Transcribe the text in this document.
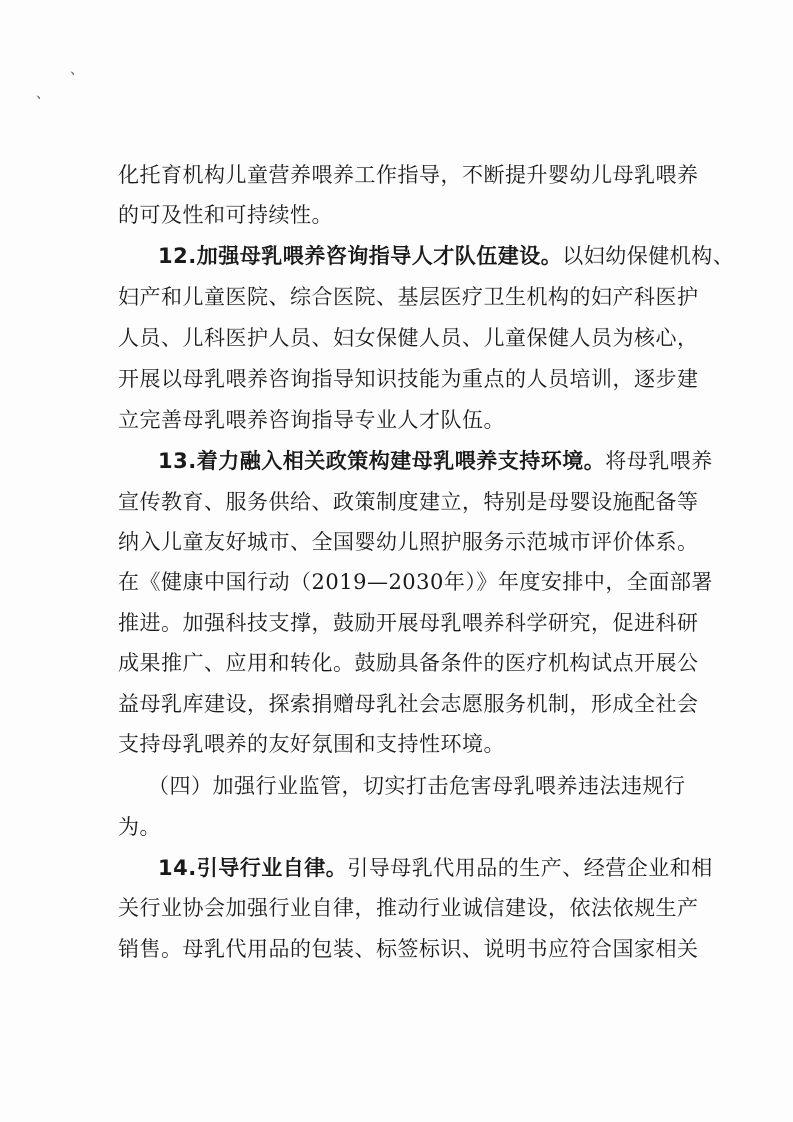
、
、
化托育机构儿童营养喂养工作指导，不断提升婴幼儿母乳喂养
的可及性和可持续性。
12.加强母乳喂养咨询指导人才队伍建设。以妇幼保健机构、
妇产和儿童医院、综合医院、基层医疗卫生机构的妇产科医护
人员、儿科医护人员、妇女保健人员、儿童保健人员为核心，
开展以母乳喂养咨询指导知识技能为重点的人员培训，逐步建
立完善母乳喂养咨询指导专业人才队伍。
13.着力融入相关政策构建母乳喂养支持环境。将母乳喂养
宣传教育、服务供给、政策制度建立，特别是母婴设施配备等
纳入儿童友好城市、全国婴幼儿照护服务示范城市评价体系。
在《健康中国行动（2019—2030年）》年度安排中，全面部署
推进。加强科技支撑，鼓励开展母乳喂养科学研究，促进科研
成果推广、应用和转化。鼓励具备条件的医疗机构试点开展公
益母乳库建设，探索捐赠母乳社会志愿服务机制，形成全社会
支持母乳喂养的友好氛围和支持性环境。
（四）加强行业监管，切实打击危害母乳喂养违法违规行
为。
14.引导行业自律。引导母乳代用品的生产、经营企业和相
关行业协会加强行业自律，推动行业诚信建设，依法依规生产
销售。母乳代用品的包装、标签标识、说明书应符合国家相关
